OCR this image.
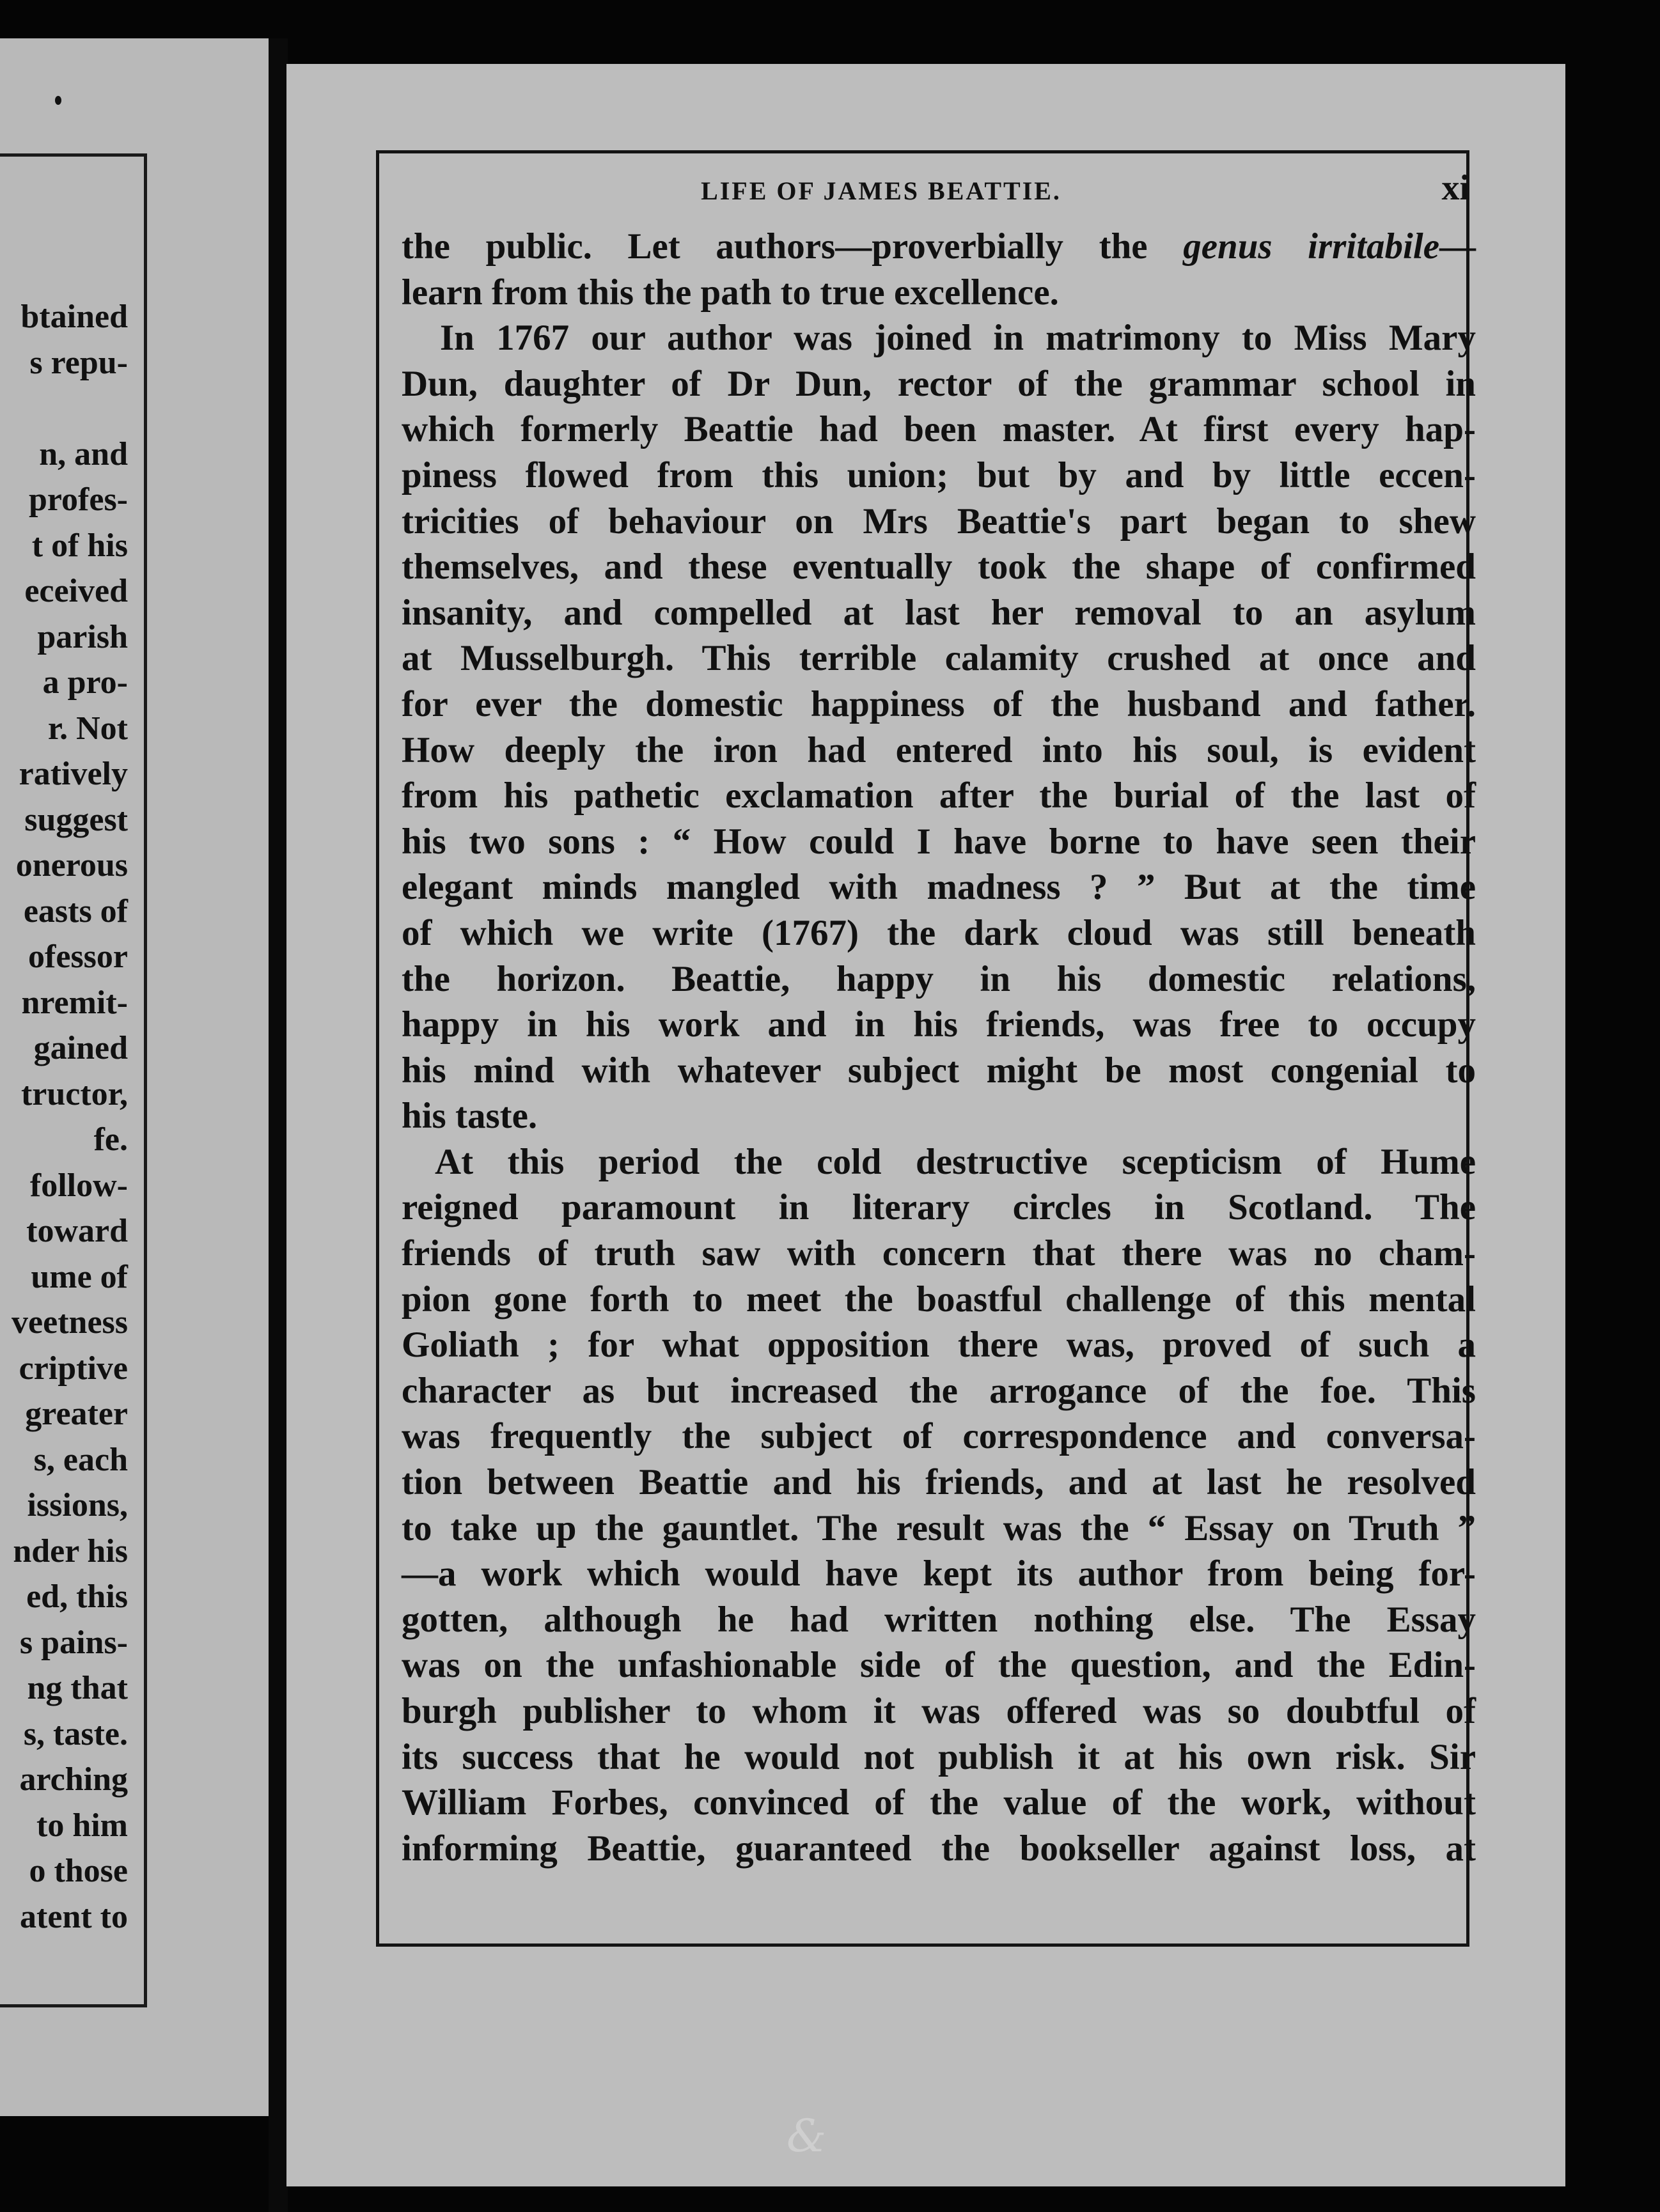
btained
s repu-
n, and
profes-
t of his
eceived
parish
a pro-
r. Not
ratively
suggest
onerous
easts of
ofessor
nremit-
gained
tructor,
fe.
follow-
toward
ume of
veetness
criptive
greater
s, each
issions,
nder his
ed, this
s pains-
ng that
s, taste.
arching
to him
o those
atent to
LIFE OF JAMES BEATTIE.	xi
the public. Let authors—proverbially the genus irritabile—
learn from this the path to true excellence.
In 1767 our author was joined in matrimony to Miss Mary
Dun, daughter of Dr Dun, rector of the grammar school in
which formerly Beattie had been master. At first every hap-
piness flowed from this union; but by and by little eccen-
tricities of behaviour on Mrs Beattie's part began to shew
themselves, and these eventually took the shape of confirmed
insanity, and compelled at last her removal to an asylum
at Musselburgh. This terrible calamity crushed at once and
for ever the domestic happiness of the husband and father.
How deeply the iron had entered into his soul, is evident
from his pathetic exclamation after the burial of the last of
his two sons : “ How could I have borne to have seen their
elegant minds mangled with madness ? ” But at the time
of which we write (1767) the dark cloud was still beneath
the horizon. Beattie, happy in his domestic relations,
happy in his work and in his friends, was free to occupy
his mind with whatever subject might be most congenial to
his taste.
At this period the cold destructive scepticism of Hume
reigned paramount in literary circles in Scotland. The
friends of truth saw with concern that there was no cham-
pion gone forth to meet the boastful challenge of this mental
Goliath ; for what opposition there was, proved of such a
character as but increased the arrogance of the foe. This
was frequently the subject of correspondence and conversa-
tion between Beattie and his friends, and at last he resolved
to take up the gauntlet. The result was the “ Essay on Truth ”
—a work which would have kept its author from being for-
gotten, although he had written nothing else. The Essay
was on the unfashionable side of the question, and the Edin-
burgh publisher to whom it was offered was so doubtful of
its success that he would not publish it at his own risk. Sir
William Forbes, convinced of the value of the work, without
informing Beattie, guaranteed the bookseller against loss, at
&
